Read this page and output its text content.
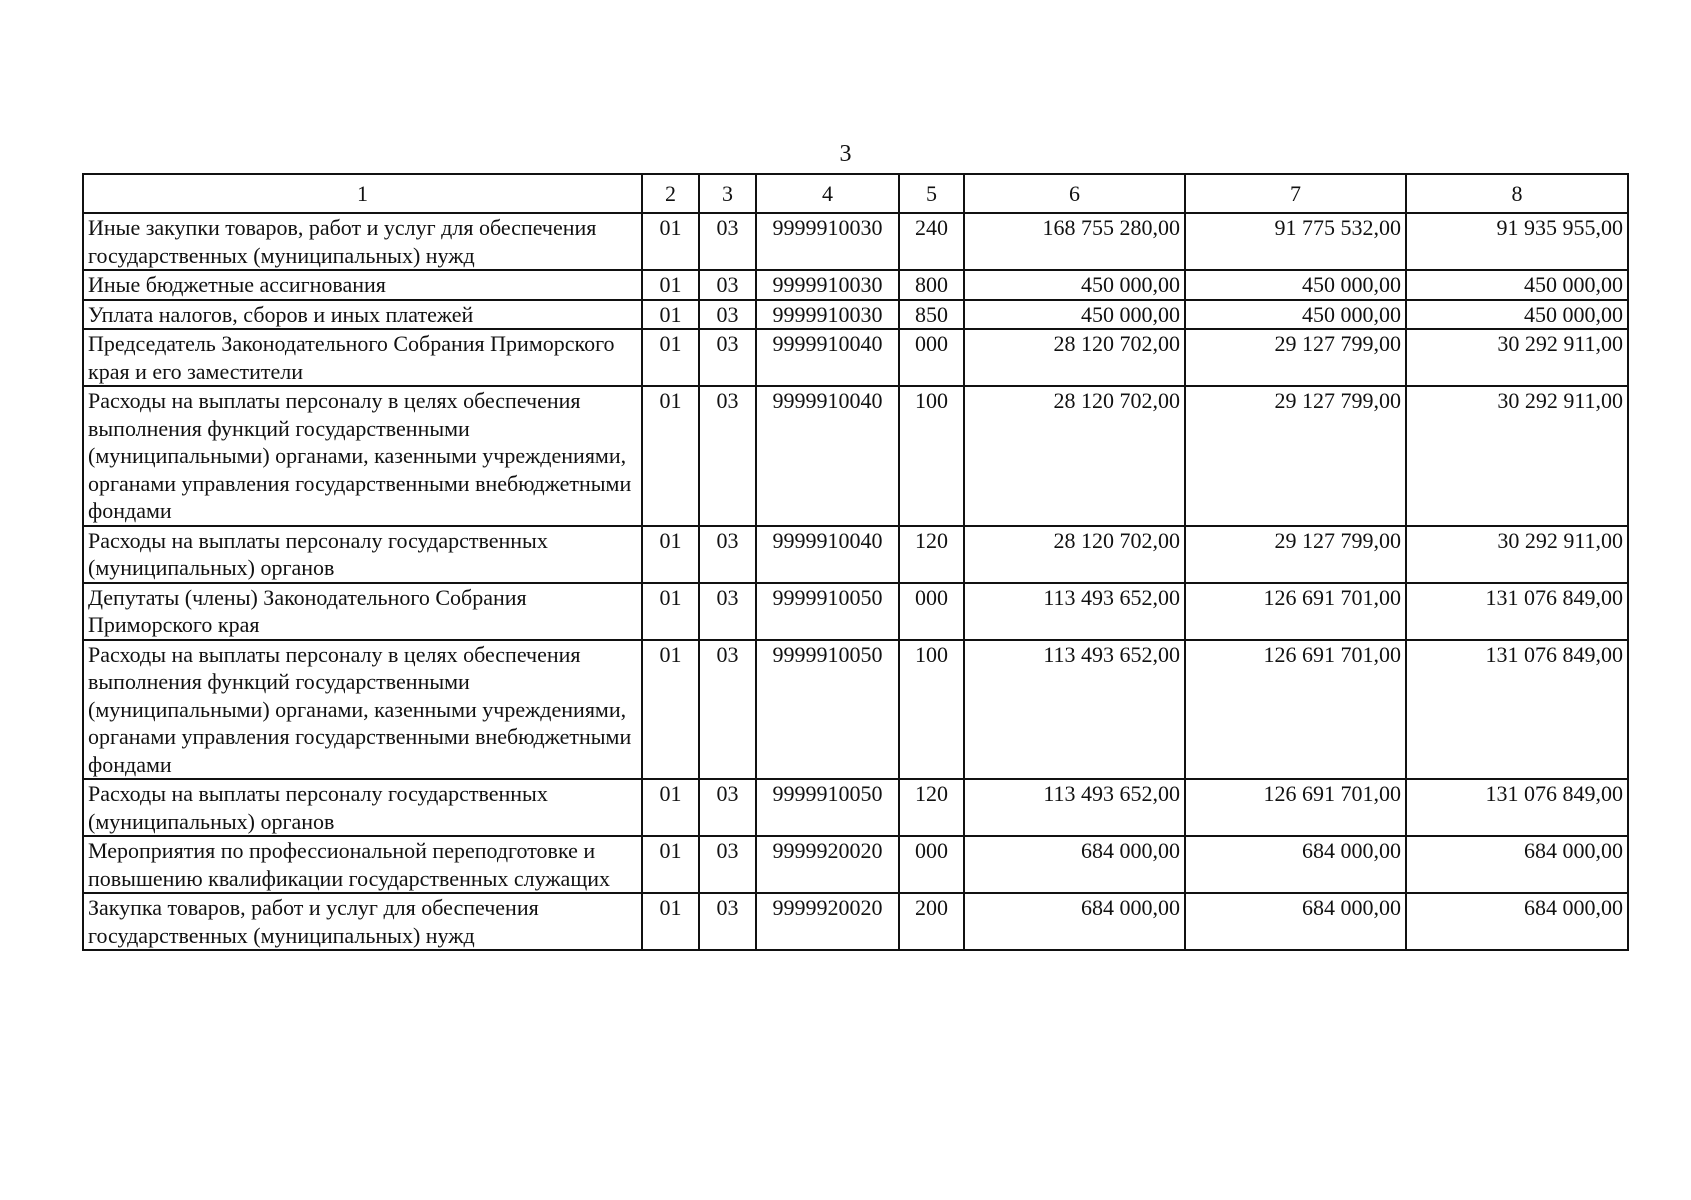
3
1	2	3	4	5	6	7	8
Иные закупки товаров, работ и услуг для обеспечения государственных (муниципальных) нужд	01	03	9999910030	240	168 755 280,00	91 775 532,00	91 935 955,00
Иные бюджетные ассигнования	01	03	9999910030	800	450 000,00	450 000,00	450 000,00
Уплата налогов, сборов и иных платежей	01	03	9999910030	850	450 000,00	450 000,00	450 000,00
Председатель Законодательного Собрания Приморского края и его заместители	01	03	9999910040	000	28 120 702,00	29 127 799,00	30 292 911,00
Расходы на выплаты персоналу в целях обеспечения выполнения функций государственными (муниципальными) органами, казенными учреждениями, органами управления государственными внебюджетными фондами	01	03	9999910040	100	28 120 702,00	29 127 799,00	30 292 911,00
Расходы на выплаты персоналу государственных (муниципальных) органов	01	03	9999910040	120	28 120 702,00	29 127 799,00	30 292 911,00
Депутаты (члены) Законодательного Собрания Приморского края	01	03	9999910050	000	113 493 652,00	126 691 701,00	131 076 849,00
Расходы на выплаты персоналу в целях обеспечения выполнения функций государственными (муниципальными) органами, казенными учреждениями, органами управления государственными внебюджетными фондами	01	03	9999910050	100	113 493 652,00	126 691 701,00	131 076 849,00
Расходы на выплаты персоналу государственных (муниципальных) органов	01	03	9999910050	120	113 493 652,00	126 691 701,00	131 076 849,00
Мероприятия по профессиональной переподготовке и повышению квалификации государственных служащих	01	03	9999920020	000	684 000,00	684 000,00	684 000,00
Закупка товаров, работ и услуг для обеспечения государственных (муниципальных) нужд	01	03	9999920020	200	684 000,00	684 000,00	684 000,00
